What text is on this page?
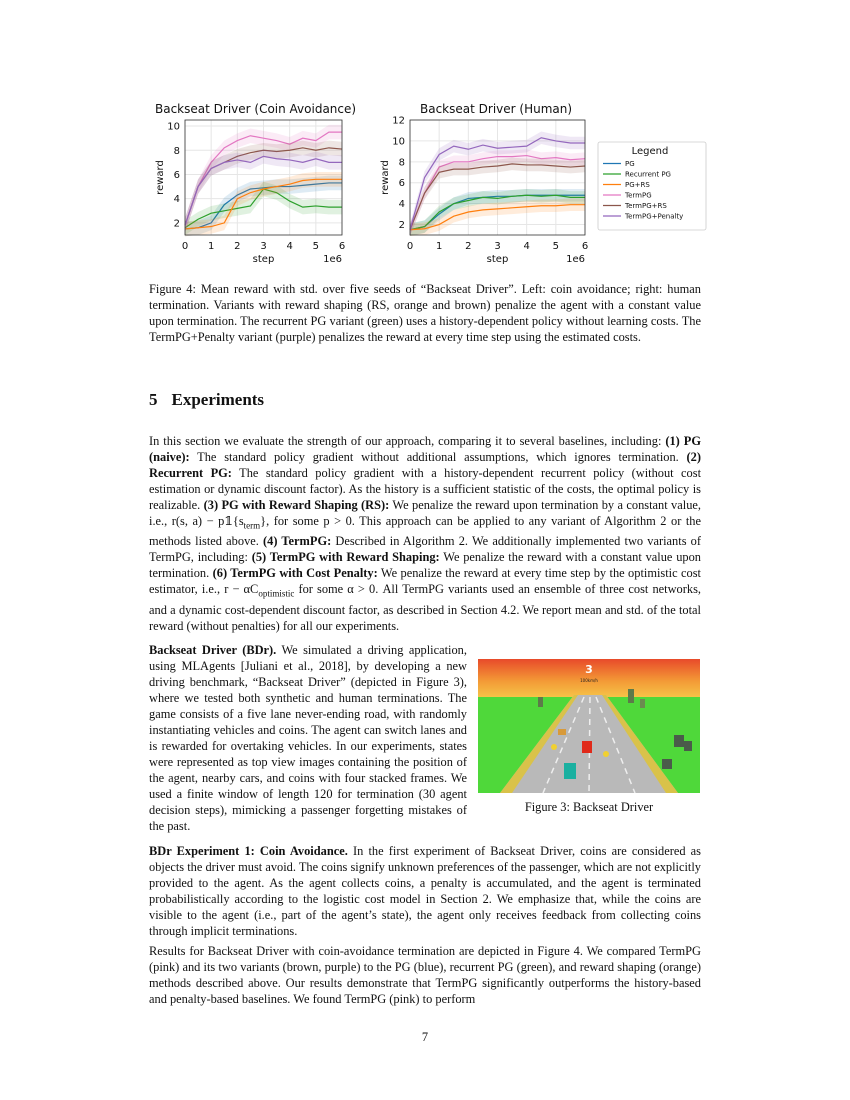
Backseat Driver (Coin Avoidance)	Backseat Driver (Human)
2
4
6
8
10
0 1 2 3 4 5 6
step	1e6
reward
2
4
6
8
10
12
0 1 2 3 4 5 6
step	1e6
reward
Legend
PG
Recurrent PG
PG+RS
TermPG
TermPG+RS
TermPG+Penalty
Figure 4: Mean reward with std. over five seeds of “Backseat Driver”. Left: coin avoidance; right: human termination. Variants with reward shaping (RS, orange and brown) penalize the agent with a constant value upon termination. The recurrent PG variant (green) uses a history-dependent policy without learning costs. The TermPG+Penalty variant (purple) penalizes the reward at every time step using the estimated costs.
5 Experiments
In this section we evaluate the strength of our approach, comparing it to several baselines, including: (1) PG (naive): The standard policy gradient without additional assumptions, which ignores termination. (2) Recurrent PG: The standard policy gradient with a history-dependent recurrent policy (without cost estimation or dynamic discount factor). As the history is a sufficient statistic of the costs, the optimal policy is realizable. (3) PG with Reward Shaping (RS): We penalize the reward upon termination by a constant value, i.e., r(s, $a) - p𝟙\{s_{term}\}$, for some p > 0. This approach can be applied to any variant of Algorithm 2 or the methods listed above. (4) TermPG: Described in Algorithm 2. We additionally implemented two variants of TermPG, including: (5) TermPG with Reward Shaping: We penalize the reward with a constant value upon termination. (6) TermPG with Cost Penalty: We penalize the reward at every time step by the optimistic cost estimator, i.e., $r - \alpha C_{optimistic}$ for some α > 0. All TermPG variants used an ensemble of three cost networks, and a dynamic cost-dependent discount factor, as described in Section 4.2. We report mean and std. of the total reward (without penalties) for all our experiments.
Backseat Driver (BDr). We simulated a driving application, using MLAgents [Juliani et al., 2018], by developing a new driving benchmark, “Backseat Driver” (depicted in Figure 3), where we tested both synthetic and human terminations. The game consists of a five lane never-ending road, with randomly instantiating vehicles and coins. The agent can switch lanes and is rewarded for overtaking vehicles. In our experiments, states were represented as top view images containing the position of the agent, nearby cars, and coins with four stacked frames. We used a finite window of length 120 for termination (30 agent decision steps), mimicking a passenger forgetting mistakes of the past.
3
100km/h
Figure 3: Backseat Driver
BDr Experiment 1: Coin Avoidance. In the first experiment of Backseat Driver, coins are considered as objects the driver must avoid. The coins signify unknown preferences of the passenger, which are not explicitly provided to the agent. As the agent collects coins, a penalty is accumulated, and the agent is terminated probabilistically according to the logistic cost model in Section 2. We emphasize that, while the coins are visible to the agent (i.e., part of the agent’s state), the agent only receives feedback from collecting coins through implicit terminations.
Results for Backseat Driver with coin-avoidance termination are depicted in Figure 4. We compared TermPG (pink) and its two variants (brown, purple) to the PG (blue), recurrent PG (green), and reward shaping (orange) methods described above. Our results demonstrate that TermPG significantly outperforms the history-based and penalty-based baselines. We found TermPG (pink) to perform
7
